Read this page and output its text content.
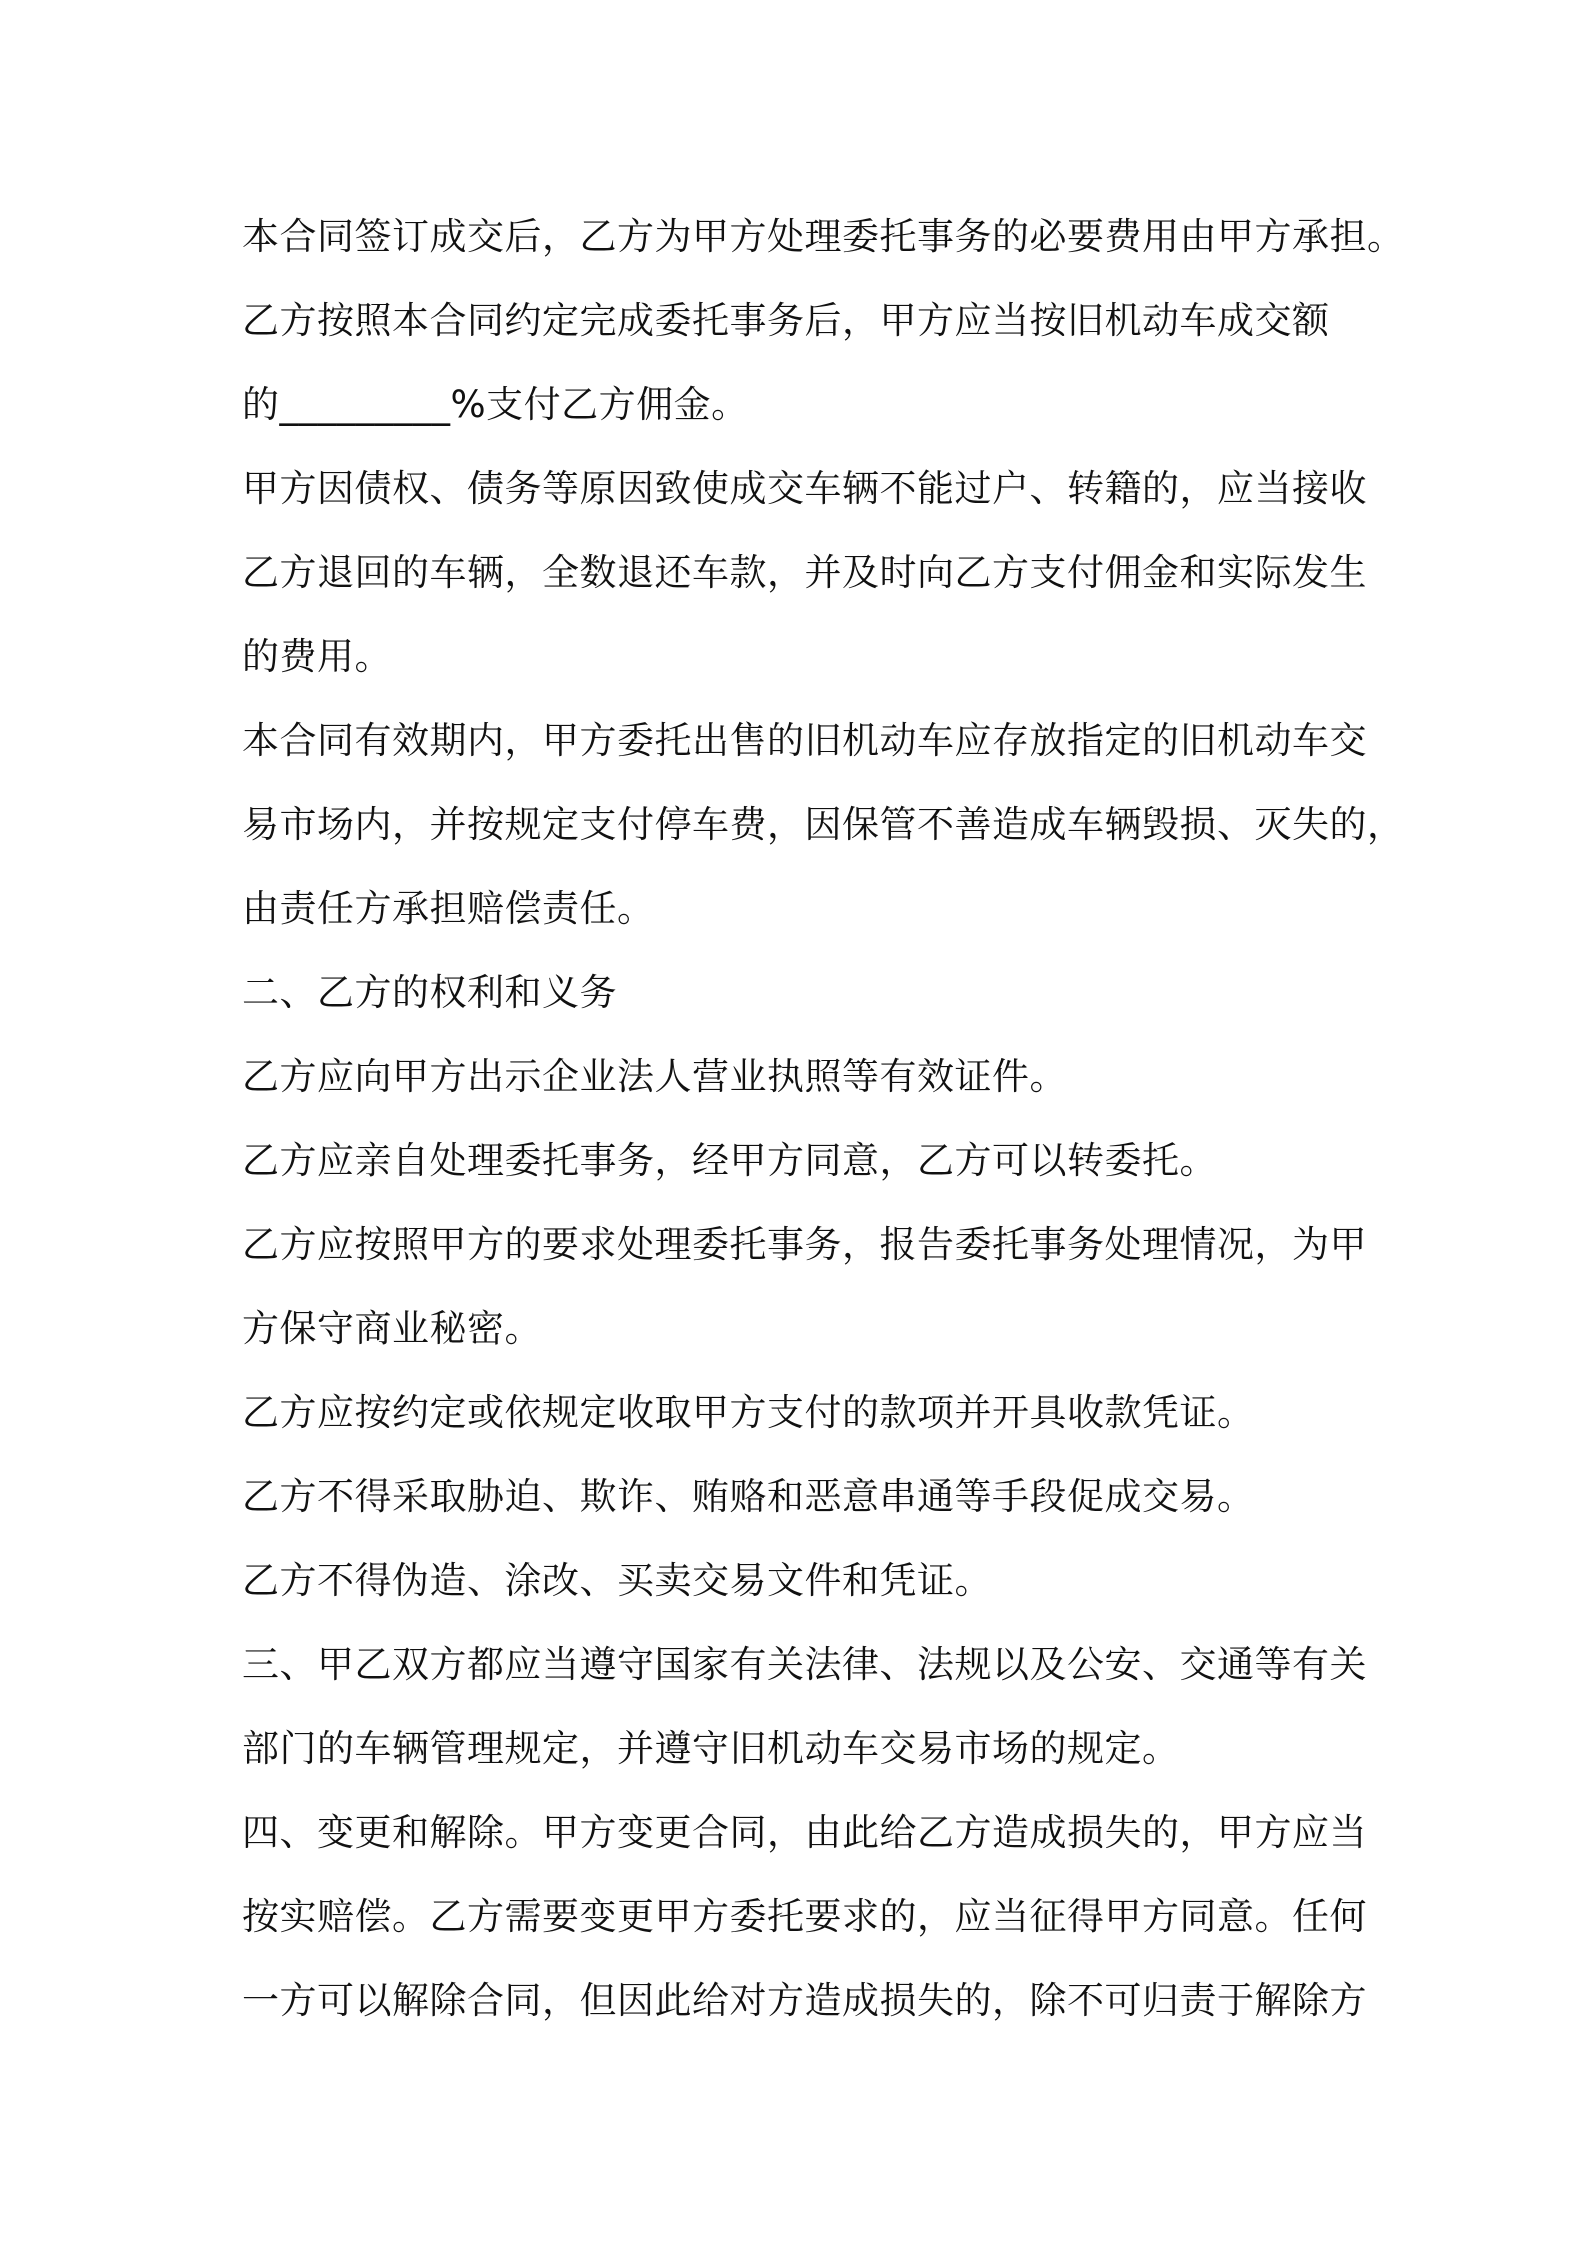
本合同签订成交后，乙方为甲方处理委托事务的必要费用由甲方承担。
乙方按照本合同约定完成委托事务后，甲方应当按旧机动车成交额
的_________%支付乙方佣金。
甲方因债权、债务等原因致使成交车辆不能过户、转籍的，应当接收
乙方退回的车辆，全数退还车款，并及时向乙方支付佣金和实际发生
的费用。
本合同有效期内，甲方委托出售的旧机动车应存放指定的旧机动车交
易市场内，并按规定支付停车费，因保管不善造成车辆毁损、灭失的，
由责任方承担赔偿责任。
二、乙方的权利和义务
乙方应向甲方出示企业法人营业执照等有效证件。
乙方应亲自处理委托事务，经甲方同意，乙方可以转委托。
乙方应按照甲方的要求处理委托事务，报告委托事务处理情况，为甲
方保守商业秘密。
乙方应按约定或依规定收取甲方支付的款项并开具收款凭证。
乙方不得采取胁迫、欺诈、贿赂和恶意串通等手段促成交易。
乙方不得伪造、涂改、买卖交易文件和凭证。
三、甲乙双方都应当遵守国家有关法律、法规以及公安、交通等有关
部门的车辆管理规定，并遵守旧机动车交易市场的规定。
四、变更和解除。甲方变更合同，由此给乙方造成损失的，甲方应当
按实赔偿。乙方需要变更甲方委托要求的，应当征得甲方同意。任何
一方可以解除合同，但因此给对方造成损失的，除不可归责于解除方
